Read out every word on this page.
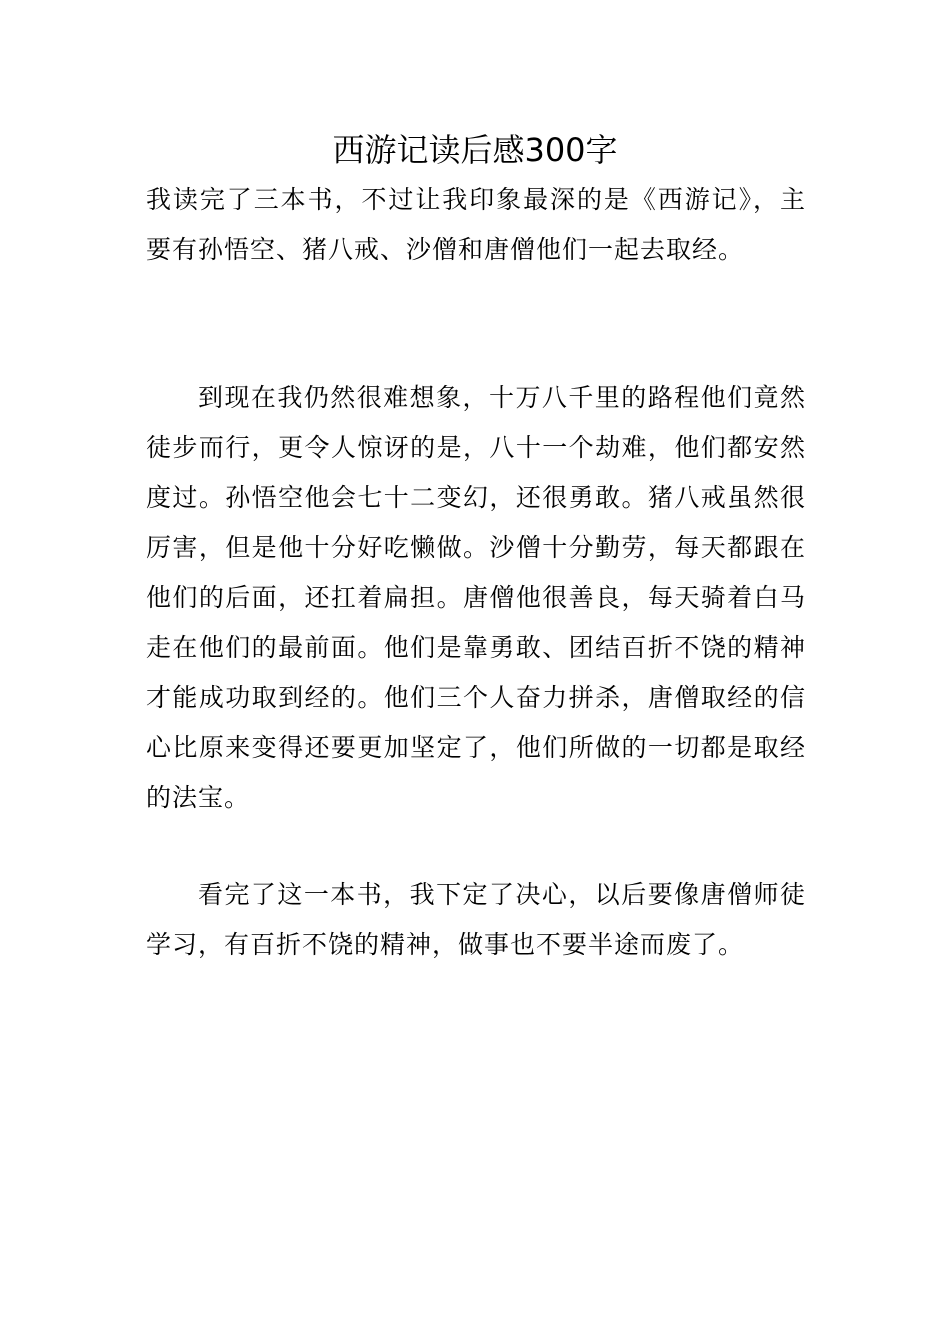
西游记读后感300字

我读完了三本书，不过让我印象最深的是《西游记》，主要有孙悟空、猪八戒、沙僧和唐僧他们一起去取经。

到现在我仍然很难想象，十万八千里的路程他们竟然徒步而行，更令人惊讶的是，八十一个劫难，他们都安然度过。孙悟空他会七十二变幻，还很勇敢。猪八戒虽然很厉害，但是他十分好吃懒做。沙僧十分勤劳，每天都跟在他们的后面，还扛着扁担。唐僧他很善良，每天骑着白马走在他们的最前面。他们是靠勇敢、团结百折不饶的精神才能成功取到经的。他们三个人奋力拼杀，唐僧取经的信心比原来变得还要更加坚定了，他们所做的一切都是取经的法宝。

看完了这一本书，我下定了决心，以后要像唐僧师徒学习，有百折不饶的精神，做事也不要半途而废了。
